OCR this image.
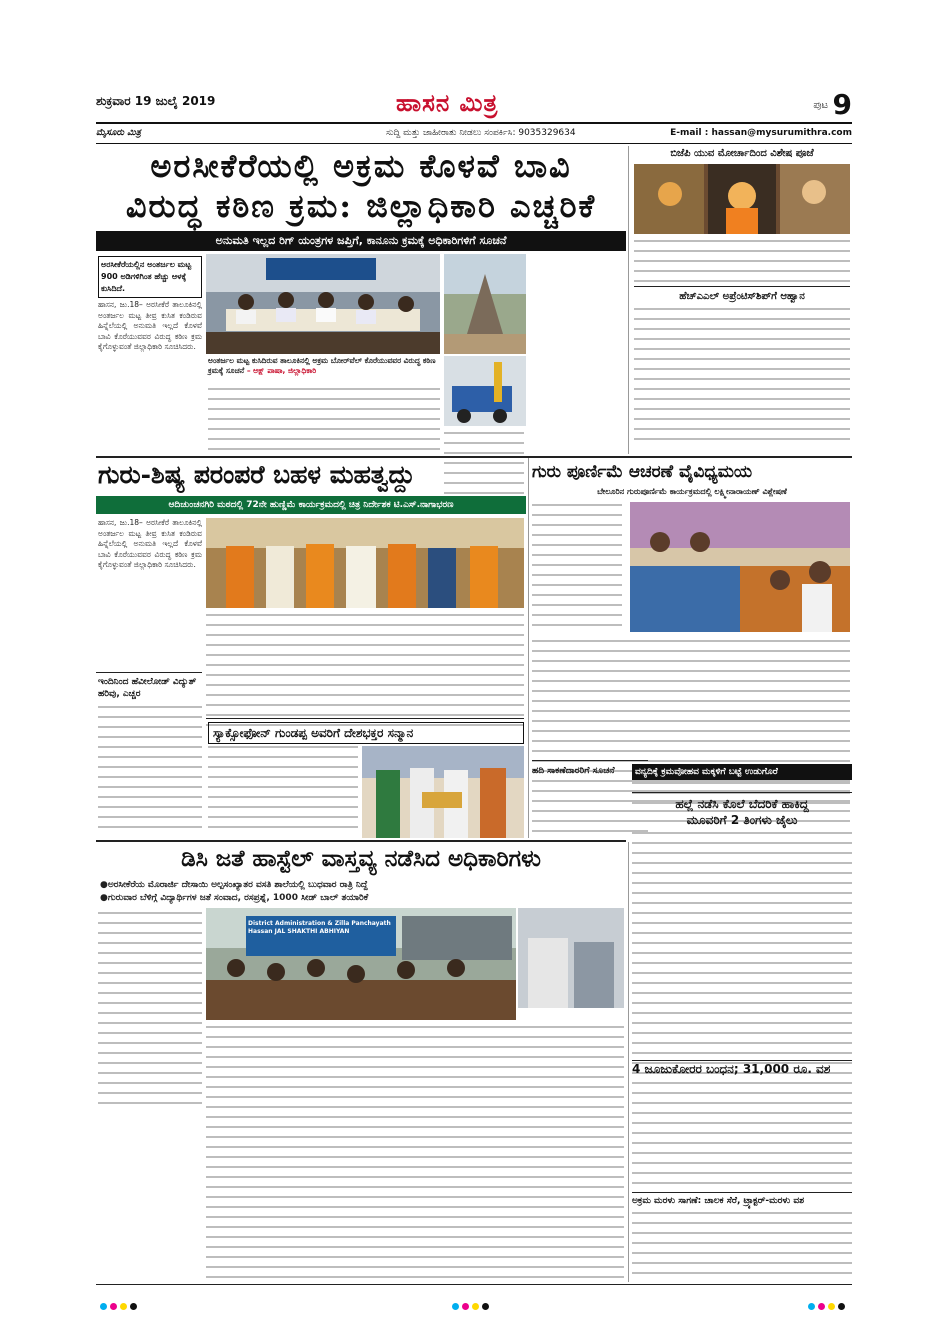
ಶುಕ್ರವಾರ 19 ಜುಲೈ 2019	ಹಾಸನ ಮಿತ್ರ	ಪುಟ 9
ಮೈಸೂರು ಮಿತ್ರ	ಸುದ್ದಿ ಮತ್ತು ಜಾಹೀರಾತು ನೀಡಲು ಸಂಪರ್ಕಿಸಿ: 9035329634	E-mail : hassan@mysurumithra.com
ಅರಸೀಕೆರೆಯಲ್ಲಿ ಅಕ್ರಮ ಕೊಳವೆ ಬಾವಿ
ವಿರುದ್ಧ ಕಠಿಣ ಕ್ರಮ: ಜಿಲ್ಲಾಧಿಕಾರಿ ಎಚ್ಚರಿಕೆ
ಅನುಮತಿ ಇಲ್ಲದ ರಿಗ್ ಯಂತ್ರಗಳ ಜಪ್ತಿಗೆ, ಕಾನೂನು ಕ್ರಮಕ್ಕೆ ಅಧಿಕಾರಿಗಳಿಗೆ ಸೂಚನೆ
ಅರಸೀಕೆರೆಯಲ್ಲಿನ ಅಂತರ್ಜಲ ಮಟ್ಟ 900 ಅಡಿಗಳಿಗಿಂತ ಹೆಚ್ಚು ಆಳಕ್ಕೆ ಕುಸಿದಿದೆ.
ಹಾಸನ, ಜು.18– ಅರಸೀಕೆರೆ ತಾಲೂಕಿನಲ್ಲಿ ಅಂತರ್ಜಲ ಮಟ್ಟ ತೀವ್ರ ಕುಸಿತ ಕಂಡಿರುವ ಹಿನ್ನೆಲೆಯಲ್ಲಿ ಅನುಮತಿ ಇಲ್ಲದೆ ಕೊಳವೆ ಬಾವಿ ಕೊರೆಯುವವರ ವಿರುದ್ಧ ಕಠಿಣ ಕ್ರಮ ಕೈಗೊಳ್ಳುವಂತೆ ಜಿಲ್ಲಾಧಿಕಾರಿ ಸೂಚಿಸಿದರು.
ಅಂತರ್ಜಲ ಮಟ್ಟ ಕುಸಿದಿರುವ ತಾಲೂಕಿನಲ್ಲಿ ಅಕ್ರಮ ಬೋರ್‌ವೆಲ್ ಕೊರೆಯುವವರ ವಿರುದ್ಧ ಕಠಿಣ ಕ್ರಮಕ್ಕೆ ಸೂಚನೆ – ಆಕ್ಷ್ ಪಾಷಾ, ಜಿಲ್ಲಾಧಿಕಾರಿ
ಬಿಜೆಪಿ ಯುವ ಮೋರ್ಚಾದಿಂದ ವಿಶೇಷ ಪೂಜೆ
ಹೆಚ್‌ಎಎಲ್ ಅಪ್ರೆಂಟಿಸ್‌ಶಿಪ್‌ಗೆ ಆಹ್ವಾನ
ಗುರು-ಶಿಷ್ಯ ಪರಂಪರೆ ಬಹಳ ಮಹತ್ವದ್ದು
ಆದಿಚುಂಚನಗಿರಿ ಮಠದಲ್ಲಿ 72ನೇ ಹುಣ್ಣಿಮೆ ಕಾರ್ಯಕ್ರಮದಲ್ಲಿ ಚಿತ್ರ ನಿರ್ದೇಶಕ ಟಿ.ಎಸ್.ನಾಗಾಭರಣ
ಹಾಸನ, ಜು.18– ಅರಸೀಕೆರೆ ತಾಲೂಕಿನಲ್ಲಿ ಅಂತರ್ಜಲ ಮಟ್ಟ ತೀವ್ರ ಕುಸಿತ ಕಂಡಿರುವ ಹಿನ್ನೆಲೆಯಲ್ಲಿ ಅನುಮತಿ ಇಲ್ಲದೆ ಕೊಳವೆ ಬಾವಿ ಕೊರೆಯುವವರ ವಿರುದ್ಧ ಕಠಿಣ ಕ್ರಮ ಕೈಗೊಳ್ಳುವಂತೆ ಜಿಲ್ಲಾಧಿಕಾರಿ ಸೂಚಿಸಿದರು.
ಗುರು ಪೂರ್ಣಿಮೆ ಆಚರಣೆ ವೈವಿಧ್ಯಮಯ
ಬೇಲೂರಿನ ಗುರುಪೂರ್ಣಿಮೆ ಕಾರ್ಯಕ್ರಮದಲ್ಲಿ ಲಕ್ಷ್ಮೀನಾರಾಯಣ್ ವಿಶ್ಲೇಷಣೆ
ಇಂದಿನಿಂದ ಹೆವೀಲೋಡ್ ವಿದ್ಯುತ್ ಹರಿವು, ಎಚ್ಚರ
ಸ್ಯಾಕ್ಸೋಫೋನ್ ಗುಂಡಪ್ಪ ಅವರಿಗೆ ದೇಶಭಕ್ತರ ಸನ್ಮಾನ
ಹದಿ ಸಾಕಣೆದಾರರಿಗೆ ಸೂಚನೆ	ವನ್ಯದಿಕ್ಕೆ ಕ್ರಮವೋಹವ ಮಕ್ಕಳಿಗೆ ಬಟ್ಟೆ ಉಡುಗೊರೆ
ಹಲ್ಲೆ ನಡೆಸಿ ಕೊಲೆ ಬೆದರಿಕೆ ಹಾಕಿದ್ದ
ಮೂವರಿಗೆ 2 ತಿಂಗಳು ಜೈಲು
ಡಿಸಿ ಜತೆ ಹಾಸ್ಟೆಲ್ ವಾಸ್ತವ್ಯ ನಡೆಸಿದ ಅಧಿಕಾರಿಗಳು
●ಅರಸೀಕೆರೆಯ ಮೊರಾರ್ಜಿ ದೇಸಾಯಿ ಅಲ್ಪಸಂಖ್ಯಾತರ ವಸತಿ ಶಾಲೆಯಲ್ಲಿ ಬುಧವಾರ ರಾತ್ರಿ ನಿದ್ದೆ
●ಗುರುವಾರ ಬೆಳಿಗ್ಗೆ ವಿದ್ಯಾರ್ಥಿಗಳ ಜತೆ ಸಂವಾದ, ರಸಪ್ರಶ್ನೆ, 1000 ಸೀಡ್ ಬಾಲ್ ತಯಾರಿಕೆ
District Administration & Zilla Panchayath Hassan JAL SHAKTHI ABHIYAN
4 ಜೂಜುಕೋರರ ಬಂಧನ; 31,000 ರೂ. ವಶ
ಅಕ್ರಮ ಮರಳು ಸಾಗಣೆ: ಚಾಲಕ ಸೆರೆ, ಟ್ರ್ಯಾಕ್ಟರ್-ಮರಳು ವಶ
